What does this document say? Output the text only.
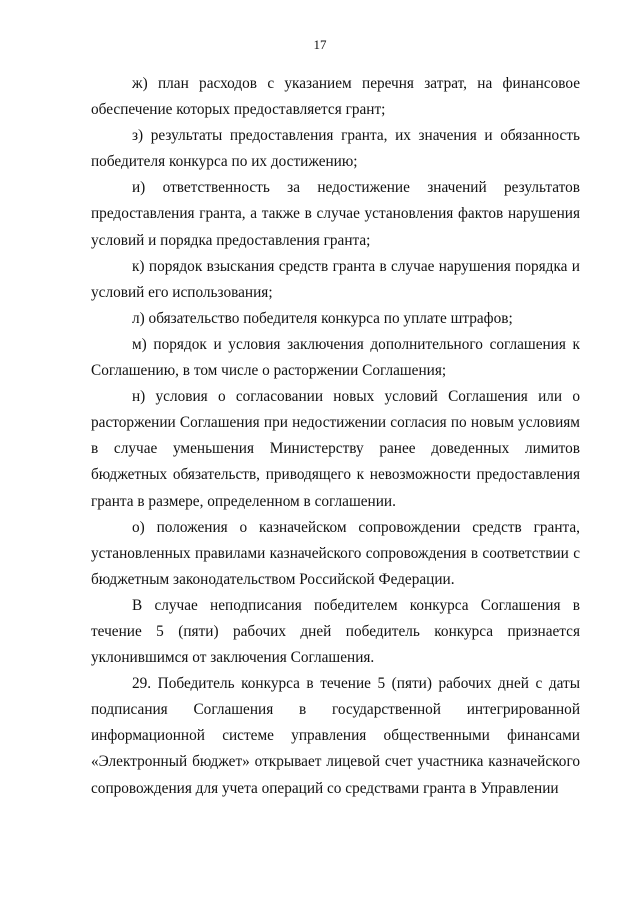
17

ж) план расходов с указанием перечня затрат, на финансовое обеспечение которых предоставляется грант;

з) результаты предоставления гранта, их значения и обязанность победителя конкурса по их достижению;

и) ответственность за недостижение значений результатов предоставления гранта, а также в случае установления фактов нарушения условий и порядка предоставления гранта;

к) порядок взыскания средств гранта в случае нарушения порядка и условий его использования;

л) обязательство победителя конкурса по уплате штрафов;

м) порядок и условия заключения дополнительного соглашения к Соглашению, в том числе о расторжении Соглашения;

н) условия о согласовании новых условий Соглашения или о расторжении Соглашения при недостижении согласия по новым условиям в случае уменьшения Министерству ранее доведенных лимитов бюджетных обязательств, приводящего к невозможности предоставления гранта в размере, определенном в соглашении.

о) положения о казначейском сопровождении средств гранта, установленных правилами казначейского сопровождения в соответствии с бюджетным законодательством Российской Федерации.

В случае неподписания победителем конкурса Соглашения в течение 5 (пяти) рабочих дней победитель конкурса признается уклонившимся от заключения Соглашения.

29. Победитель конкурса в течение 5 (пяти) рабочих дней с даты подписания Соглашения в государственной интегрированной информационной системе управления общественными финансами «Электронный бюджет» открывает лицевой счет участника казначейского сопровождения для учета операций со средствами гранта в Управлении
